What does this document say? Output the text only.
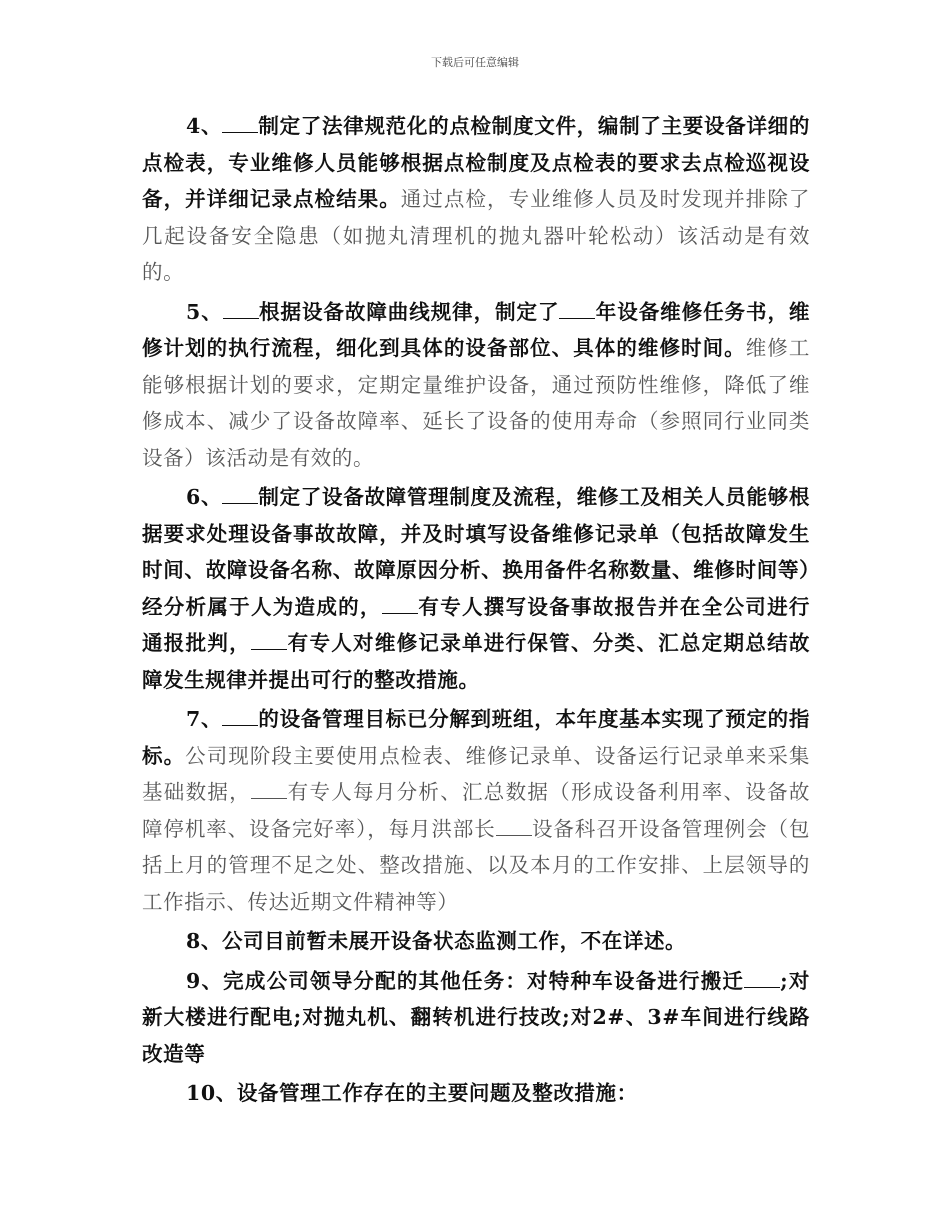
下载后可任意编辑

4、 制定了法律规范化的点检制度文件，编制了主要设备详细的点检表，专业维修人员能够根据点检制度及点检表的要求去点检巡视设备，并详细记录点检结果。通过点检，专业维修人员及时发现并排除了几起设备安全隐患（如抛丸清理机的抛丸器叶轮松动）该活动是有效的。

5、 根据设备故障曲线规律，制定了 年设备维修任务书，维修计划的执行流程，细化到具体的设备部位、具体的维修时间。维修工能够根据计划的要求，定期定量维护设备，通过预防性维修，降低了维修成本、减少了设备故障率、延长了设备的使用寿命（参照同行业同类设备）该活动是有效的。

6、 制定了设备故障管理制度及流程，维修工及相关人员能够根据要求处理设备事故故障，并及时填写设备维修记录单（包括故障发生时间、故障设备名称、故障原因分析、换用备件名称数量、维修时间等）经分析属于人为造成的， 有专人撰写设备事故报告并在全公司进行通报批判， 有专人对维修记录单进行保管、分类、汇总定期总结故障发生规律并提出可行的整改措施。

7、 的设备管理目标已分解到班组，本年度基本实现了预定的指标。公司现阶段主要使用点检表、维修记录单、设备运行记录单来采集基础数据， 有专人每月分析、汇总数据（形成设备利用率、设备故障停机率、设备完好率），每月洪部长 设备科召开设备管理例会（包括上月的管理不足之处、整改措施、以及本月的工作安排、上层领导的工作指示、传达近期文件精神等）

8、公司目前暂未展开设备状态监测工作，不在详述。

9、完成公司领导分配的其他任务：对特种车设备进行搬迁 ;对新大楼进行配电;对抛丸机、翻转机进行技改;对2#、3#车间进行线路改造等

10、设备管理工作存在的主要问题及整改措施：
